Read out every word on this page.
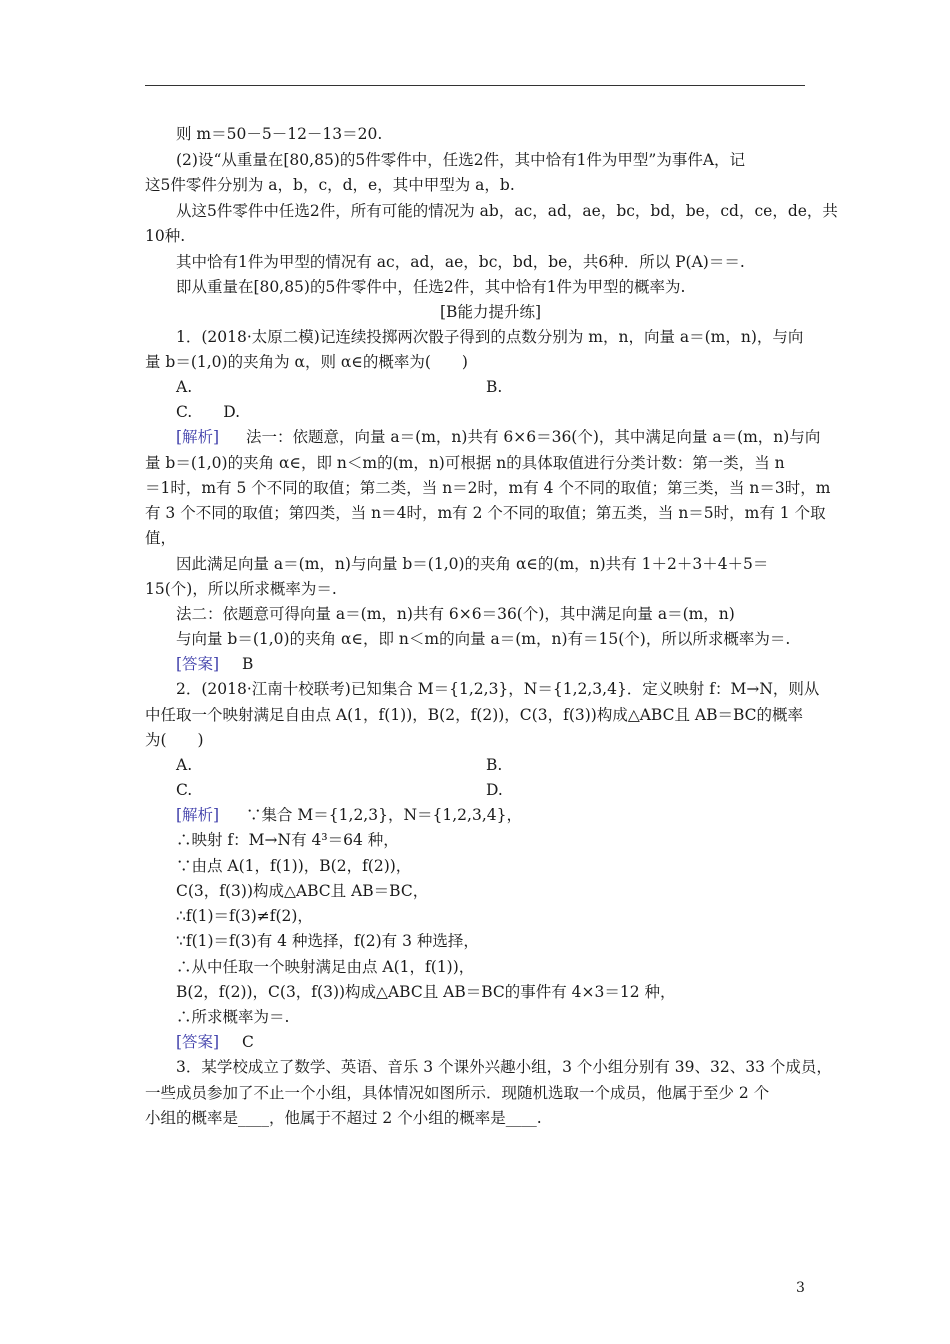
则 m＝50－5－12－13＝20.
(2)设“从重量在[80,85)的5件零件中，任选2件，其中恰有1件为甲型”为事件A，记
这5件零件分别为 a，b，c，d，e，其中甲型为 a，b.
从这5件零件中任选2件，所有可能的情况为 ab，ac，ad，ae，bc，bd，be，cd，ce，de，共
10种.
其中恰有1件为甲型的情况有 ac，ad，ae，bc，bd，be，共6种．所以 P(A)＝＝.
即从重量在[80,85)的5件零件中，任选2件，其中恰有1件为甲型的概率为.
[B能力提升练]
1．(2018·太原二模)记连续投掷两次骰子得到的点数分别为 m，n，向量 a＝(m，n)，与向
量 b＝(1,0)的夹角为 α，则 α∈的概率为(　　)
A.	B.
C.　　D.
[解析] 法一：依题意，向量 a＝(m，n)共有 6×6＝36(个)，其中满足向量 a＝(m，n)与向
量 b＝(1,0)的夹角 α∈，即 n＜m的(m，n)可根据 n的具体取值进行分类计数：第一类，当 n
＝1时，m有 5 个不同的取值；第二类，当 n＝2时，m有 4 个不同的取值；第三类，当 n＝3时，m
有 3 个不同的取值；第四类，当 n＝4时，m有 2 个不同的取值；第五类，当 n＝5时，m有 1 个取
值，
因此满足向量 a＝(m，n)与向量 b＝(1,0)的夹角 α∈的(m，n)共有 1＋2＋3＋4＋5＝
15(个)，所以所求概率为＝.
法二：依题意可得向量 a＝(m，n)共有 6×6＝36(个)，其中满足向量 a＝(m，n)
与向量 b＝(1,0)的夹角 α∈，即 n＜m的向量 a＝(m，n)有＝15(个)，所以所求概率为＝.
[答案] B
2．(2018·江南十校联考)已知集合 M＝{1,2,3}，N＝{1,2,3,4}．定义映射 f：M→N，则从
中任取一个映射满足自由点 A(1，f(1))，B(2，f(2))，C(3，f(3))构成△ABC且 AB＝BC的概率
为(　　)
A.	B.
C.	D.
[解析] ∵集合 M＝{1,2,3}，N＝{1,2,3,4}，
∴映射 f：M→N有 4³＝64 种，
∵由点 A(1，f(1))，B(2，f(2))，
C(3，f(3))构成△ABC且 AB＝BC，
∴f(1)＝f(3)≠f(2)，
∵f(1)＝f(3)有 4 种选择，f(2)有 3 种选择，
∴从中任取一个映射满足由点 A(1，f(1))，
B(2，f(2))，C(3，f(3))构成△ABC且 AB＝BC的事件有 4×3＝12 种，
∴所求概率为＝.
[答案] C
3．某学校成立了数学、英语、音乐 3 个课外兴趣小组，3 个小组分别有 39、32、33 个成员，
一些成员参加了不止一个小组，具体情况如图所示．现随机选取一个成员，他属于至少 2 个
小组的概率是____，他属于不超过 2 个小组的概率是____.
3
